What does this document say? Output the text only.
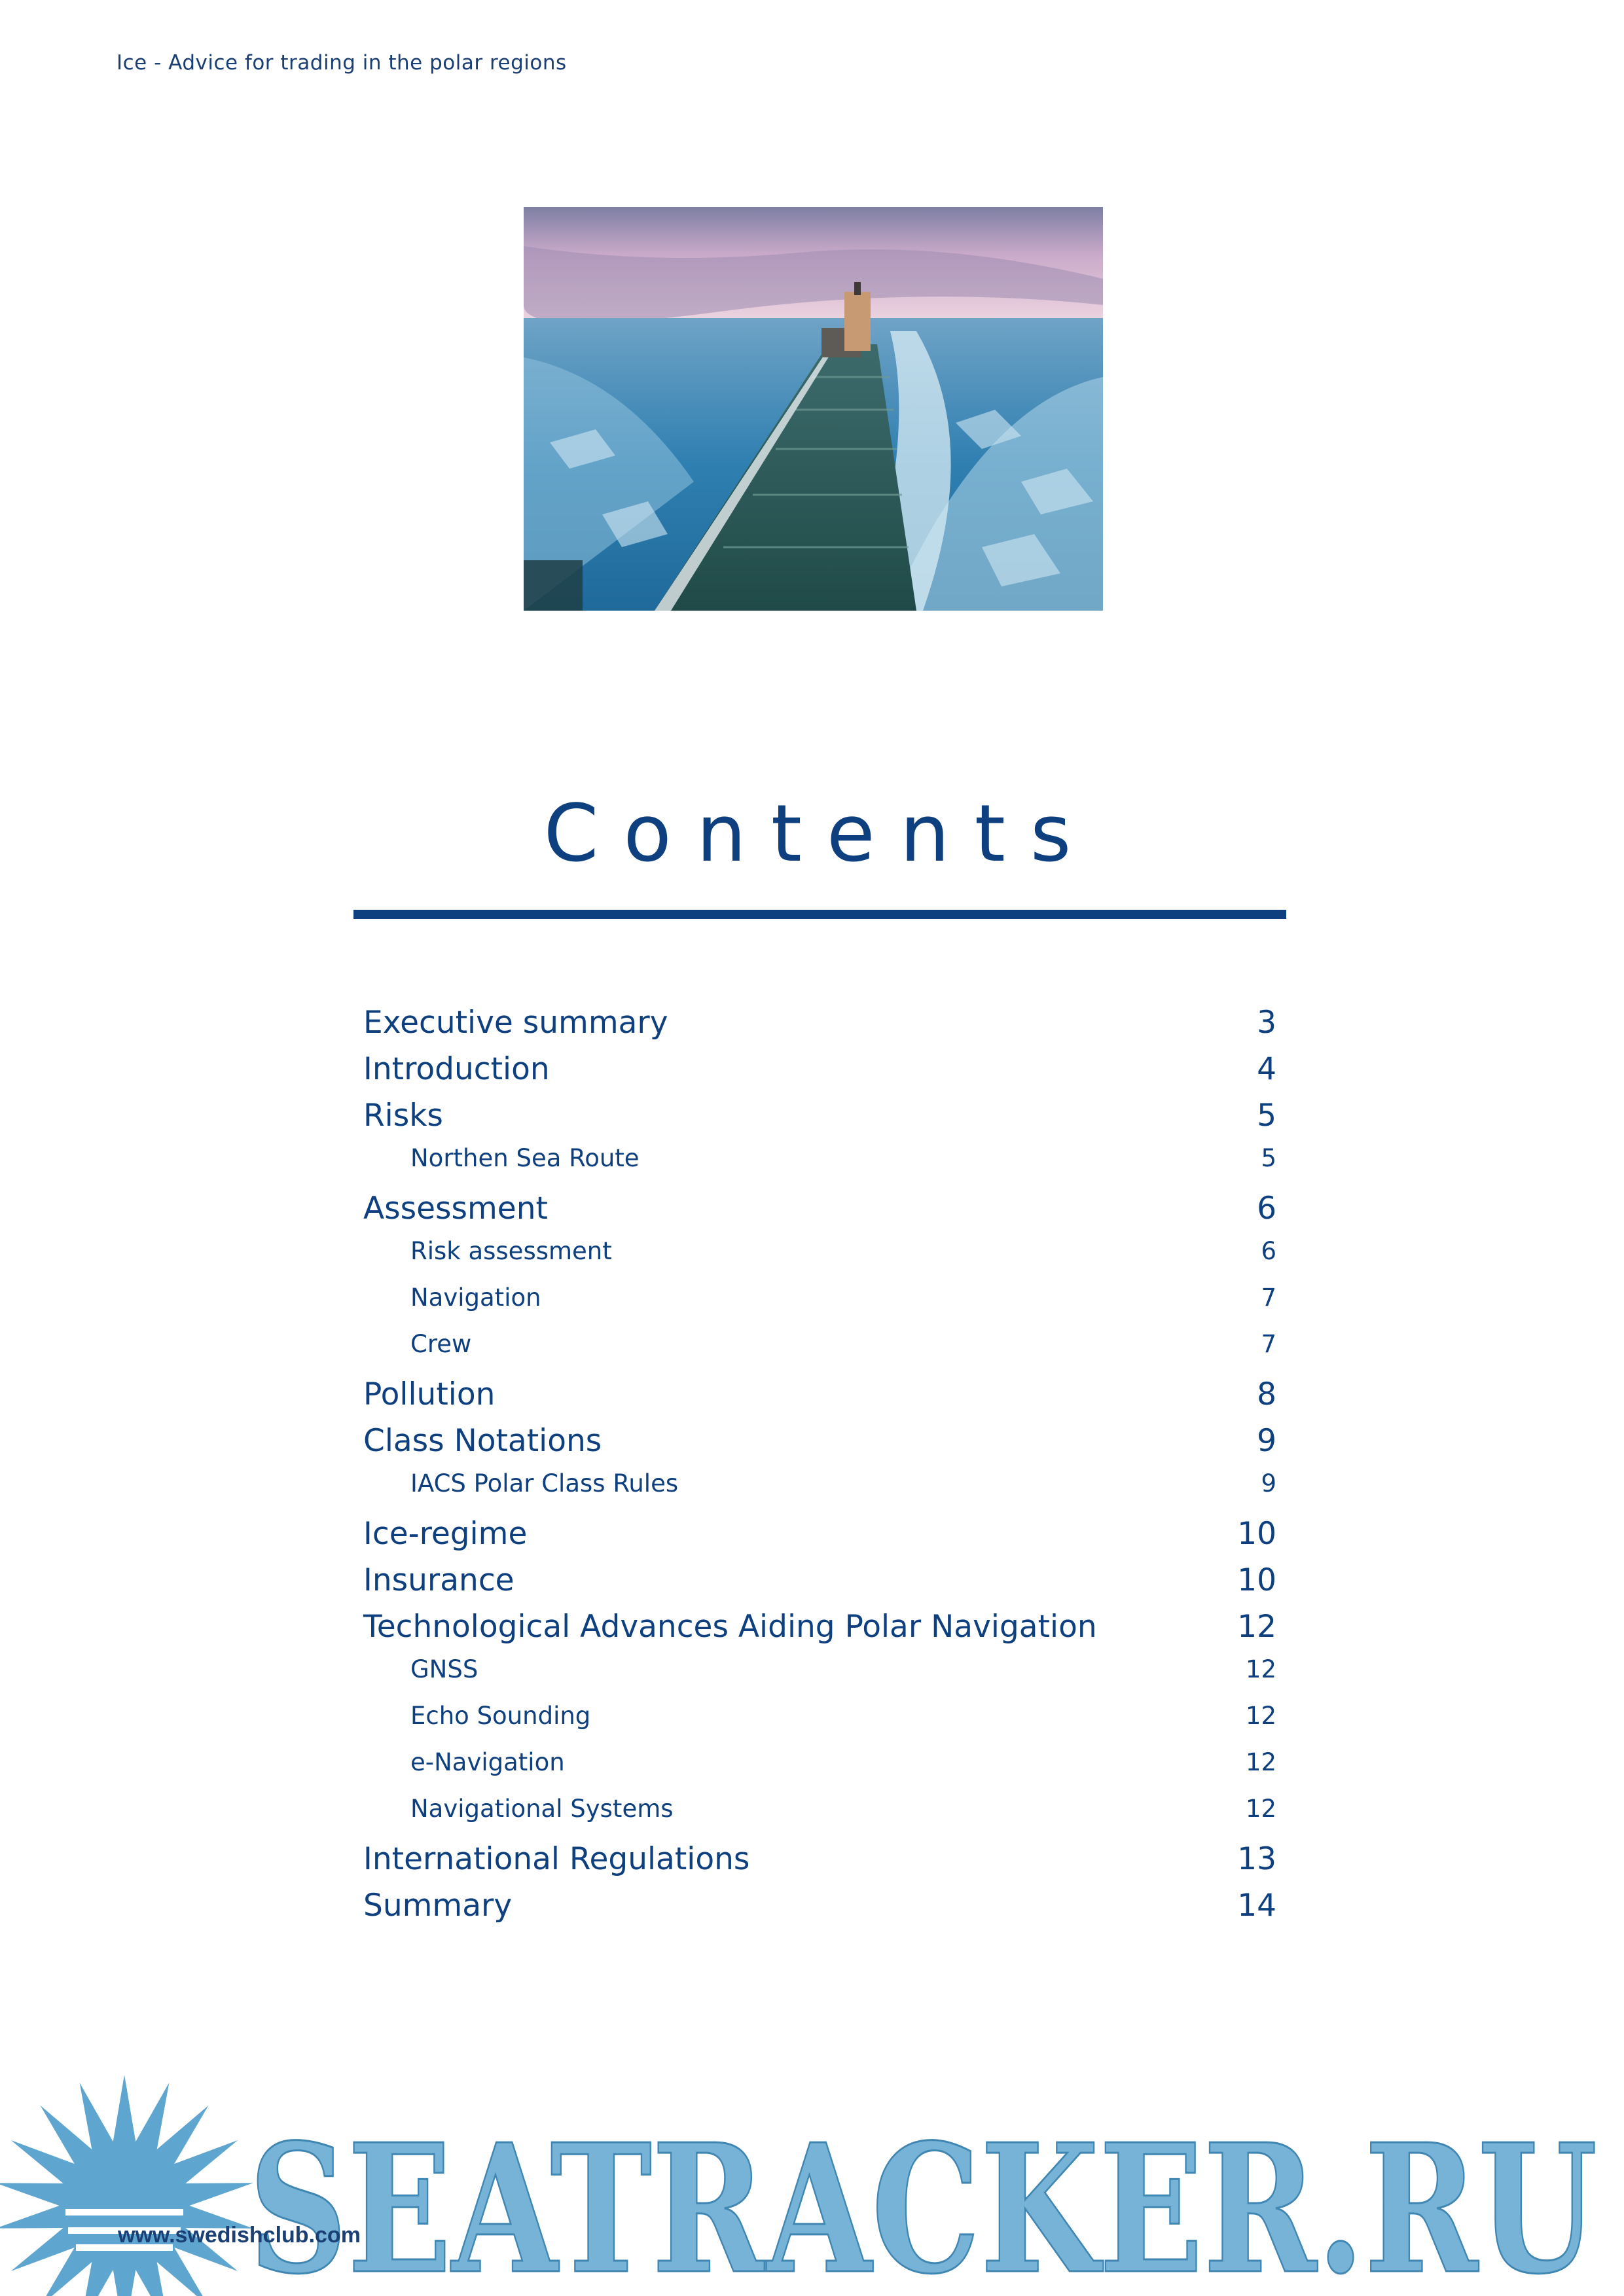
Ice - Advice for trading in the polar regions
Contents
Executive summary	3
Introduction	4
Risks	5
Northen Sea Route	5
Assessment	6
Risk assessment	6
Navigation	7
Crew	7
Pollution	8
Class Notations	9
IACS Polar Class Rules	9
Ice-regime	10
Insurance	10
Technological Advances Aiding Polar Navigation	12
GNSS	12
Echo Sounding	12
e-Navigation	12
Navigational Systems	12
International Regulations	13
Summary	14
SEATRACKER.RU
www.swedishclub.com
